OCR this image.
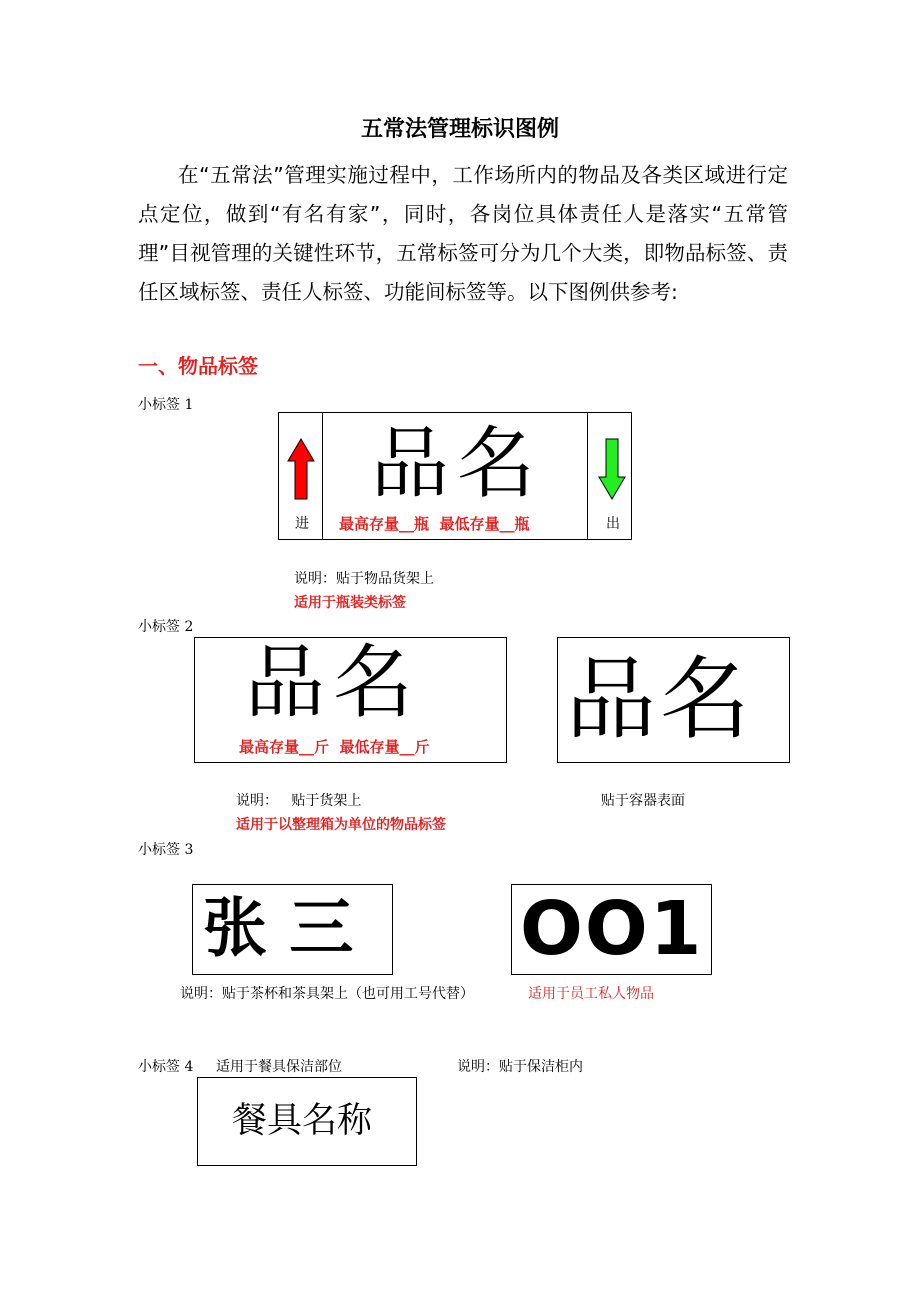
五常法管理标识图例
在“五常法”管理实施过程中，工作场所内的物品及各类区域进行定点定位，做到“有名有家”，同时，各岗位具体责任人是落实“五常管理”目视管理的关键性环节，五常标签可分为几个大类，即物品标签、责任区域标签、责任人标签、功能间标签等。以下图例供参考:
一、物品标签
小标签 1
进
品名
最高存量__瓶  最低存量__瓶	出
说明：贴于物品货架上
适用于瓶装类标签
小标签 2
品名
最高存量__斤  最低存量__斤 品名
说明：   贴于货架上	贴于容器表面
适用于以整理箱为单位的物品标签
小标签 3
张 三 OO1
说明：贴于茶杯和茶具架上（也可用工号代替）	适用于员工私人物品
小标签 4 适用于餐具保洁部位	说明：贴于保洁柜内
餐具名称
